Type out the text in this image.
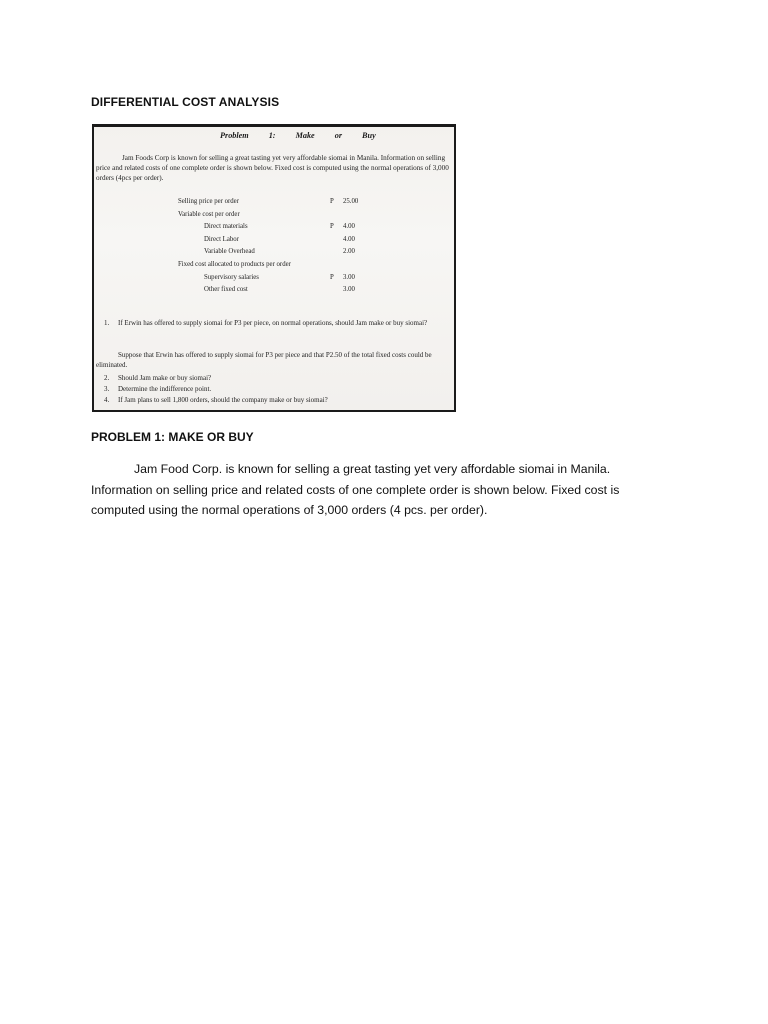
DIFFERENTIAL COST ANALYSIS
Problem 1: Make or Buy
Jam Foods Corp is known for selling a great tasting yet very affordable siomai in Manila. Information on selling price and related costs of one complete order is shown below. Fixed cost is computed using the normal operations of 3,000 orders (4pcs per order).
Selling price per order	P 25.00
Variable cost per order
Direct materials	P 4.00
Direct Labor	4.00
Variable Overhead	2.00
Fixed cost allocated to products per order
Supervisory salaries	P 3.00
Other fixed cost	3.00
1.	If Erwin has offered to supply siomai for P3 per piece, on normal operations, should Jam make or buy siomai?
Suppose that Erwin has offered to supply siomai for P3 per piece and that P2.50 of the total fixed costs could be eliminated.
2.	Should Jam make or buy siomai?
3.	Determine the indifference point.
4.	If Jam plans to sell 1,800 orders, should the company make or buy siomai?
PROBLEM 1: MAKE OR BUY
Jam Food Corp. is known for selling a great tasting yet very affordable siomai in Manila. Information on selling price and related costs of one complete order is shown below. Fixed cost is computed using the normal operations of 3,000 orders (4 pcs. per order).
